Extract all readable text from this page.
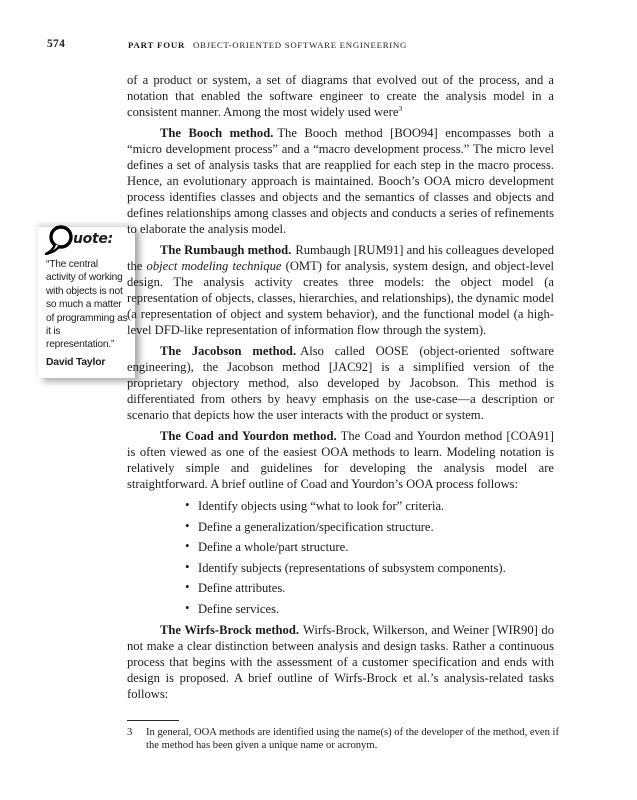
574	PART FOUR OBJECT-ORIENTED SOFTWARE ENGINEERING
uote:

“The central activity of working with objects is not so much a matter of programming as it is representation.”

David Taylor

of a product or system, a set of diagrams that evolved out of the process, and a notation that enabled the software engineer to create the analysis model in a consistent manner. Among the most widely used were$^3$

The Booch method. The Booch method [BOO94] encompasses both a “micro development process” and a “macro development process.” The micro level defines a set of analysis tasks that are reapplied for each step in the macro process. Hence, an evolutionary approach is maintained. Booch’s OOA micro development process identifies classes and objects and the semantics of classes and objects and defines relationships among classes and objects and conducts a series of refinements to elaborate the analysis model.

The Rumbaugh method. Rumbaugh [RUM91] and his colleagues developed the object modeling technique (OMT) for analysis, system design, and object-level design. The analysis activity creates three models: the object model (a representation of objects, classes, hierarchies, and relationships), the dynamic model (a representation of object and system behavior), and the functional model (a high-level DFD-like representation of information flow through the system).

The Jacobson method. Also called OOSE (object-oriented software engineering), the Jacobson method [JAC92] is a simplified version of the proprietary objectory method, also developed by Jacobson. This method is differentiated from others by heavy emphasis on the use-case—a description or scenario that depicts how the user interacts with the product or system.

The Coad and Yourdon method. The Coad and Yourdon method [COA91] is often viewed as one of the easiest OOA methods to learn. Modeling notation is relatively simple and guidelines for developing the analysis model are straightforward. A brief outline of Coad and Yourdon’s OOA process follows:

• Identify objects using “what to look for” criteria.
• Define a generalization/specification structure.
• Define a whole/part structure.
• Identify subjects (representations of subsystem components).
• Define attributes.
• Define services.

The Wirfs-Brock method. Wirfs-Brock, Wilkerson, and Weiner [WIR90] do not make a clear distinction between analysis and design tasks. Rather a continuous process that begins with the assessment of a customer specification and ends with design is proposed. A brief outline of Wirfs-Brock et al.’s analysis-related tasks follows:

3	In general, OOA methods are identified using the name(s) of the developer of the method, even if the method has been given a unique name or acronym.
